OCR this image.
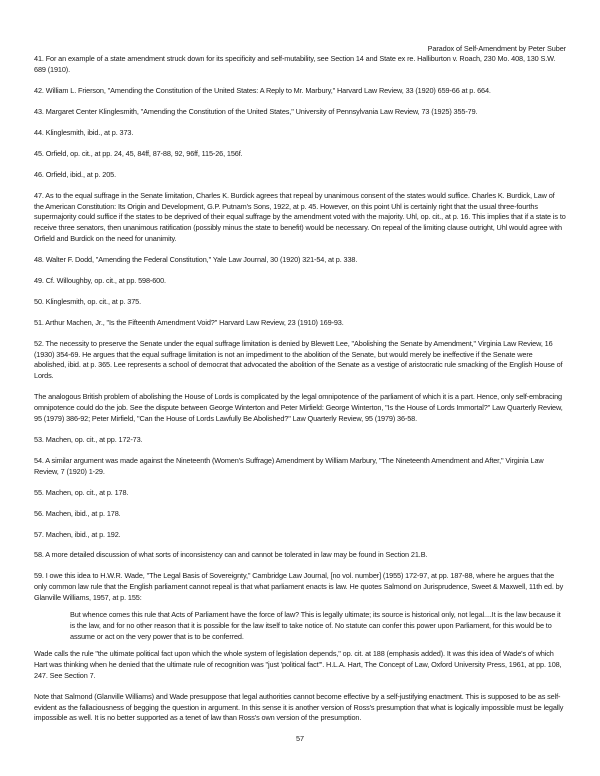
Paradox of Self-Amendment by Peter Suber

41. For an example of a state amendment struck down for its specificity and self-mutability, see Section 14 and State ex re. Halliburton v. Roach, 230 Mo. 408, 130 S.W. 689 (1910).

42. William L. Frierson, "Amending the Constitution of the United States: A Reply to Mr. Marbury," Harvard Law Review, 33 (1920) 659-66 at p. 664.

43. Margaret Center Klinglesmith, "Amending the Constitution of the United States," University of Pennsylvania Law Review, 73 (1925) 355-79.

44. Klinglesmith, ibid., at p. 373.

45. Orfield, op. cit., at pp. 24, 45, 84ff, 87-88, 92, 96ff, 115-26, 156f.

46. Orfield, ibid., at p. 205.

47. As to the equal suffrage in the Senate limitation, Charles K. Burdick agrees that repeal by unanimous consent of the states would suffice. Charles K. Burdick, Law of the American Constitution: Its Origin and Development, G.P. Putnam's Sons, 1922, at p. 45. However, on this point Uhl is certainly right that the usual three-fourths supermajority could suffice if the states to be deprived of their equal suffrage by the amendment voted with the majority. Uhl, op. cit., at p. 16. This implies that if a state is to receive three senators, then unanimous ratification (possibly minus the state to benefit) would be necessary. On repeal of the limiting clause outright, Uhl would agree with Orfield and Burdick on the need for unanimity.

48. Walter F. Dodd, "Amending the Federal Constitution," Yale Law Journal, 30 (1920) 321-54, at p. 338.

49. Cf. Willoughby, op. cit., at pp. 598-600.

50. Klinglesmith, op. cit., at p. 375.

51. Arthur Machen, Jr., "Is the Fifteenth Amendment Void?" Harvard Law Review, 23 (1910) 169-93.

52. The necessity to preserve the Senate under the equal suffrage limitation is denied by Blewett Lee, "Abolishing the Senate by Amendment," Virginia Law Review, 16 (1930) 354-69. He argues that the equal suffrage limitation is not an impediment to the abolition of the Senate, but would merely be ineffective if the Senate were abolished, ibid. at p. 365. Lee represents a school of democrat that advocated the abolition of the Senate as a vestige of aristocratic rule smacking of the English House of Lords.

The analogous British problem of abolishing the House of Lords is complicated by the legal omnipotence of the parliament of which it is a part. Hence, only self-embracing omnipotence could do the job. See the dispute between George Winterton and Peter Mirfield: George Winterton, "Is the House of Lords Immortal?" Law Quarterly Review, 95 (1979) 386-92; Peter Mirfield, "Can the House of Lords Lawfully Be Abolished?" Law Quarterly Review, 95 (1979) 36-58.

53. Machen, op. cit., at pp. 172-73.

54. A similar argument was made against the Nineteenth (Women's Suffrage) Amendment by William Marbury, "The Nineteenth Amendment and After," Virginia Law Review, 7 (1920) 1-29.

55. Machen, op. cit., at p. 178.

56. Machen, ibid., at p. 178.

57. Machen, ibid., at p. 192.

58. A more detailed discussion of what sorts of inconsistency can and cannot be tolerated in law may be found in Section 21.B.

59. I owe this idea to H.W.R. Wade, "The Legal Basis of Sovereignty," Cambridge Law Journal, [no vol. number] (1955) 172-97, at pp. 187-88, where he argues that the only common law rule that the English parliament cannot repeal is that what parliament enacts is law. He quotes Salmond on Jurisprudence, Sweet & Maxwell, 11th ed. by Glanville Williams, 1957, at p. 155:

But whence comes this rule that Acts of Parliament have the force of law? This is legally ultimate; its source is historical only, not legal....It is the law because it is the law, and for no other reason that it is possible for the law itself to take notice of. No statute can confer this power upon Parliament, for this would be to assume or act on the very power that is to be conferred.

Wade calls the rule "the ultimate political fact upon which the whole system of legislation depends," op. cit. at 188 (emphasis added). It was this idea of Wade's of which Hart was thinking when he denied that the ultimate rule of recognition was "just 'political fact'". H.L.A. Hart, The Concept of Law, Oxford University Press, 1961, at pp. 108, 247. See Section 7.

Note that Salmond (Glanville Williams) and Wade presuppose that legal authorities cannot become effective by a self-justifying enactment. This is supposed to be as self-evident as the fallaciousness of begging the question in argument. In this sense it is another version of Ross's presumption that what is logically impossible must be legally impossible as well. It is no better supported as a tenet of law than Ross's own version of the presumption.

57
